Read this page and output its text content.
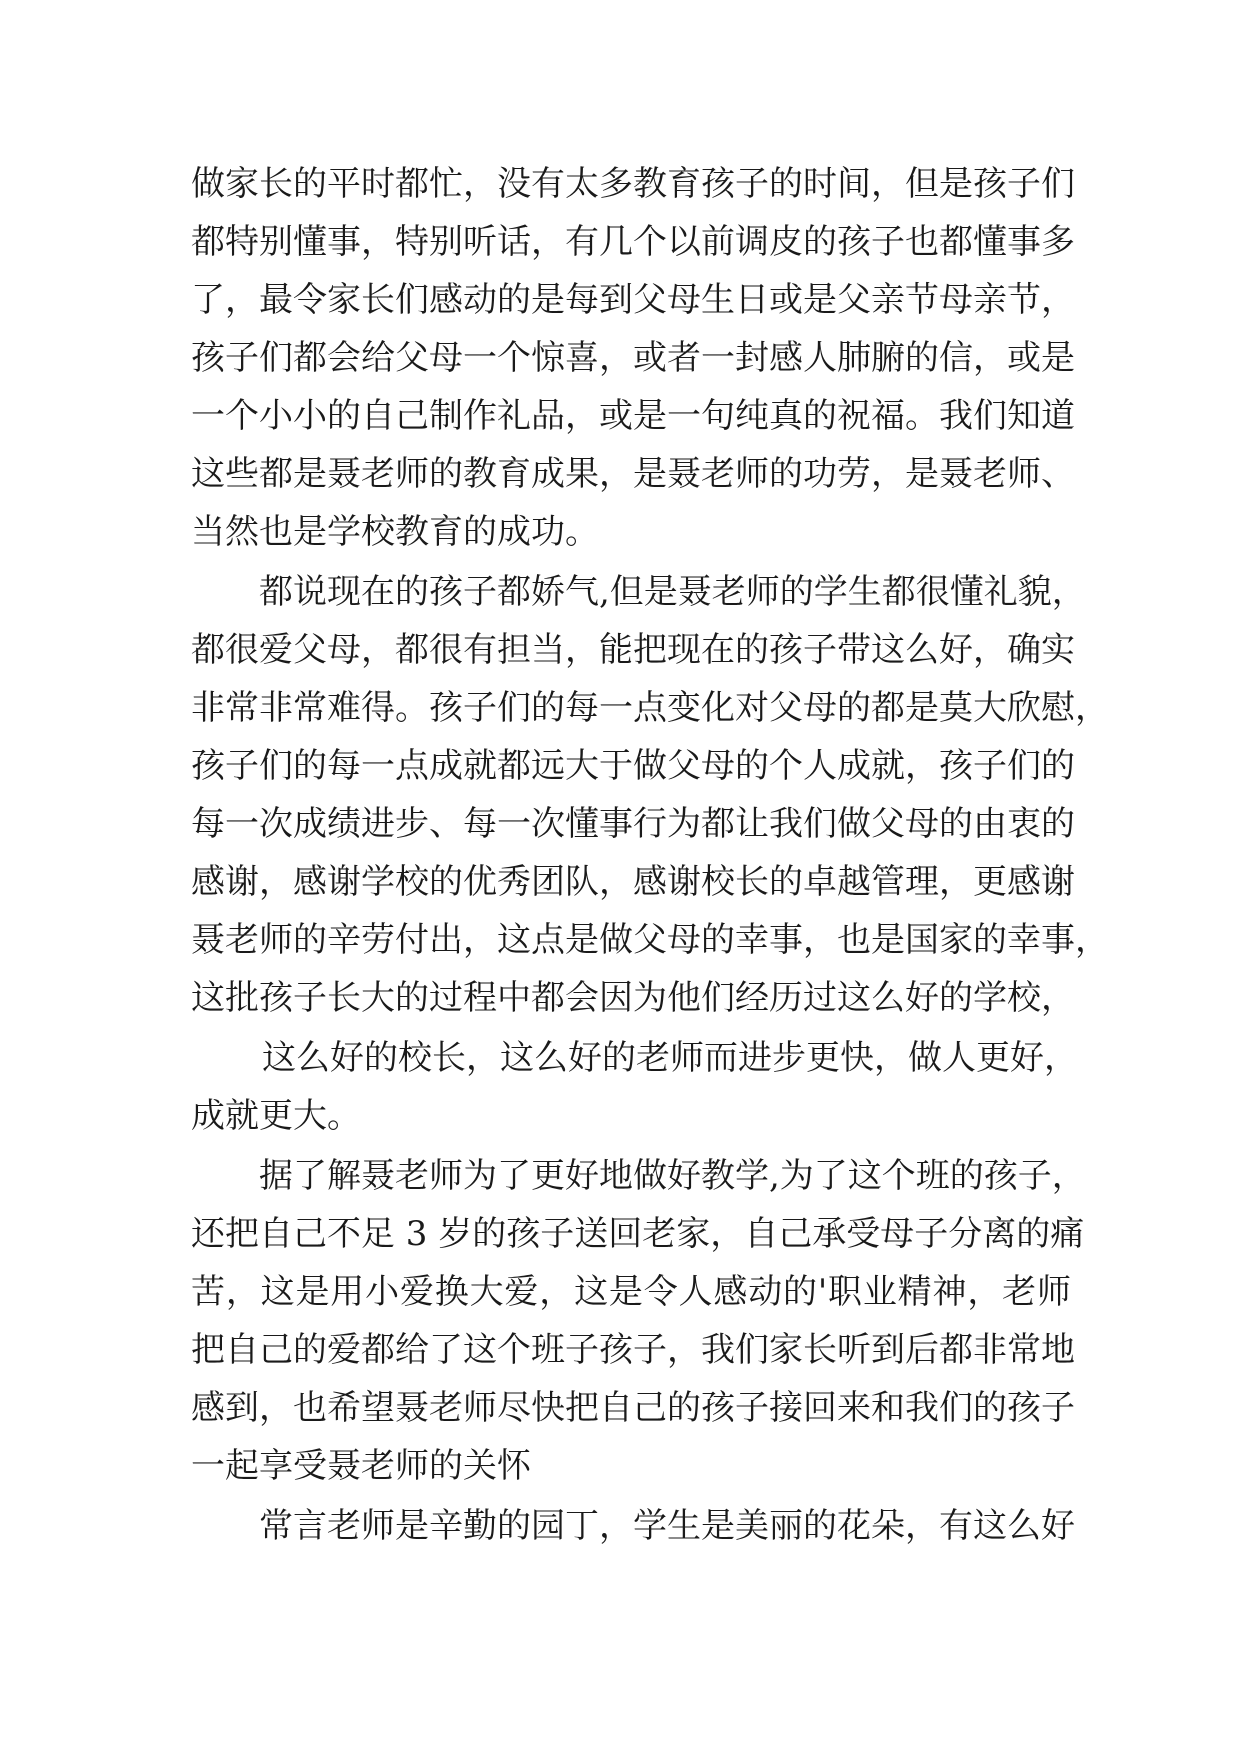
做家长的平时都忙，没有太多教育孩子的时间，但是孩子们
都特别懂事，特别听话，有几个以前调皮的孩子也都懂事多
了，最令家长们感动的是每到父母生日或是父亲节母亲节，
孩子们都会给父母一个惊喜，或者一封感人肺腑的信，或是
一个小小的自己制作礼品，或是一句纯真的祝福。我们知道
这些都是聂老师的教育成果，是聂老师的功劳，是聂老师、
当然也是学校教育的成功。
都说现在的孩子都娇气,但是聂老师的学生都很懂礼貌，
都很爱父母，都很有担当，能把现在的孩子带这么好，确实
非常非常难得。孩子们的每一点变化对父母的都是莫大欣慰，
孩子们的每一点成就都远大于做父母的个人成就，孩子们的
每一次成绩进步、每一次懂事行为都让我们做父母的由衷的
感谢，感谢学校的优秀团队，感谢校长的卓越管理，更感谢
聂老师的辛劳付出，这点是做父母的幸事，也是国家的幸事，
这批孩子长大的过程中都会因为他们经历过这么好的学校，
这么好的校长，这么好的老师而进步更快，做人更好，
成就更大。
据了解聂老师为了更好地做好教学,为了这个班的孩子，
还把自己不足 3 岁的孩子送回老家，自己承受母子分离的痛
苦，这是用小爱换大爱，这是令人感动的'职业精神，老师
把自己的爱都给了这个班子孩子，我们家长听到后都非常地
感到，也希望聂老师尽快把自己的孩子接回来和我们的孩子
一起享受聂老师的关怀
常言老师是辛勤的园丁，学生是美丽的花朵，有这么好
